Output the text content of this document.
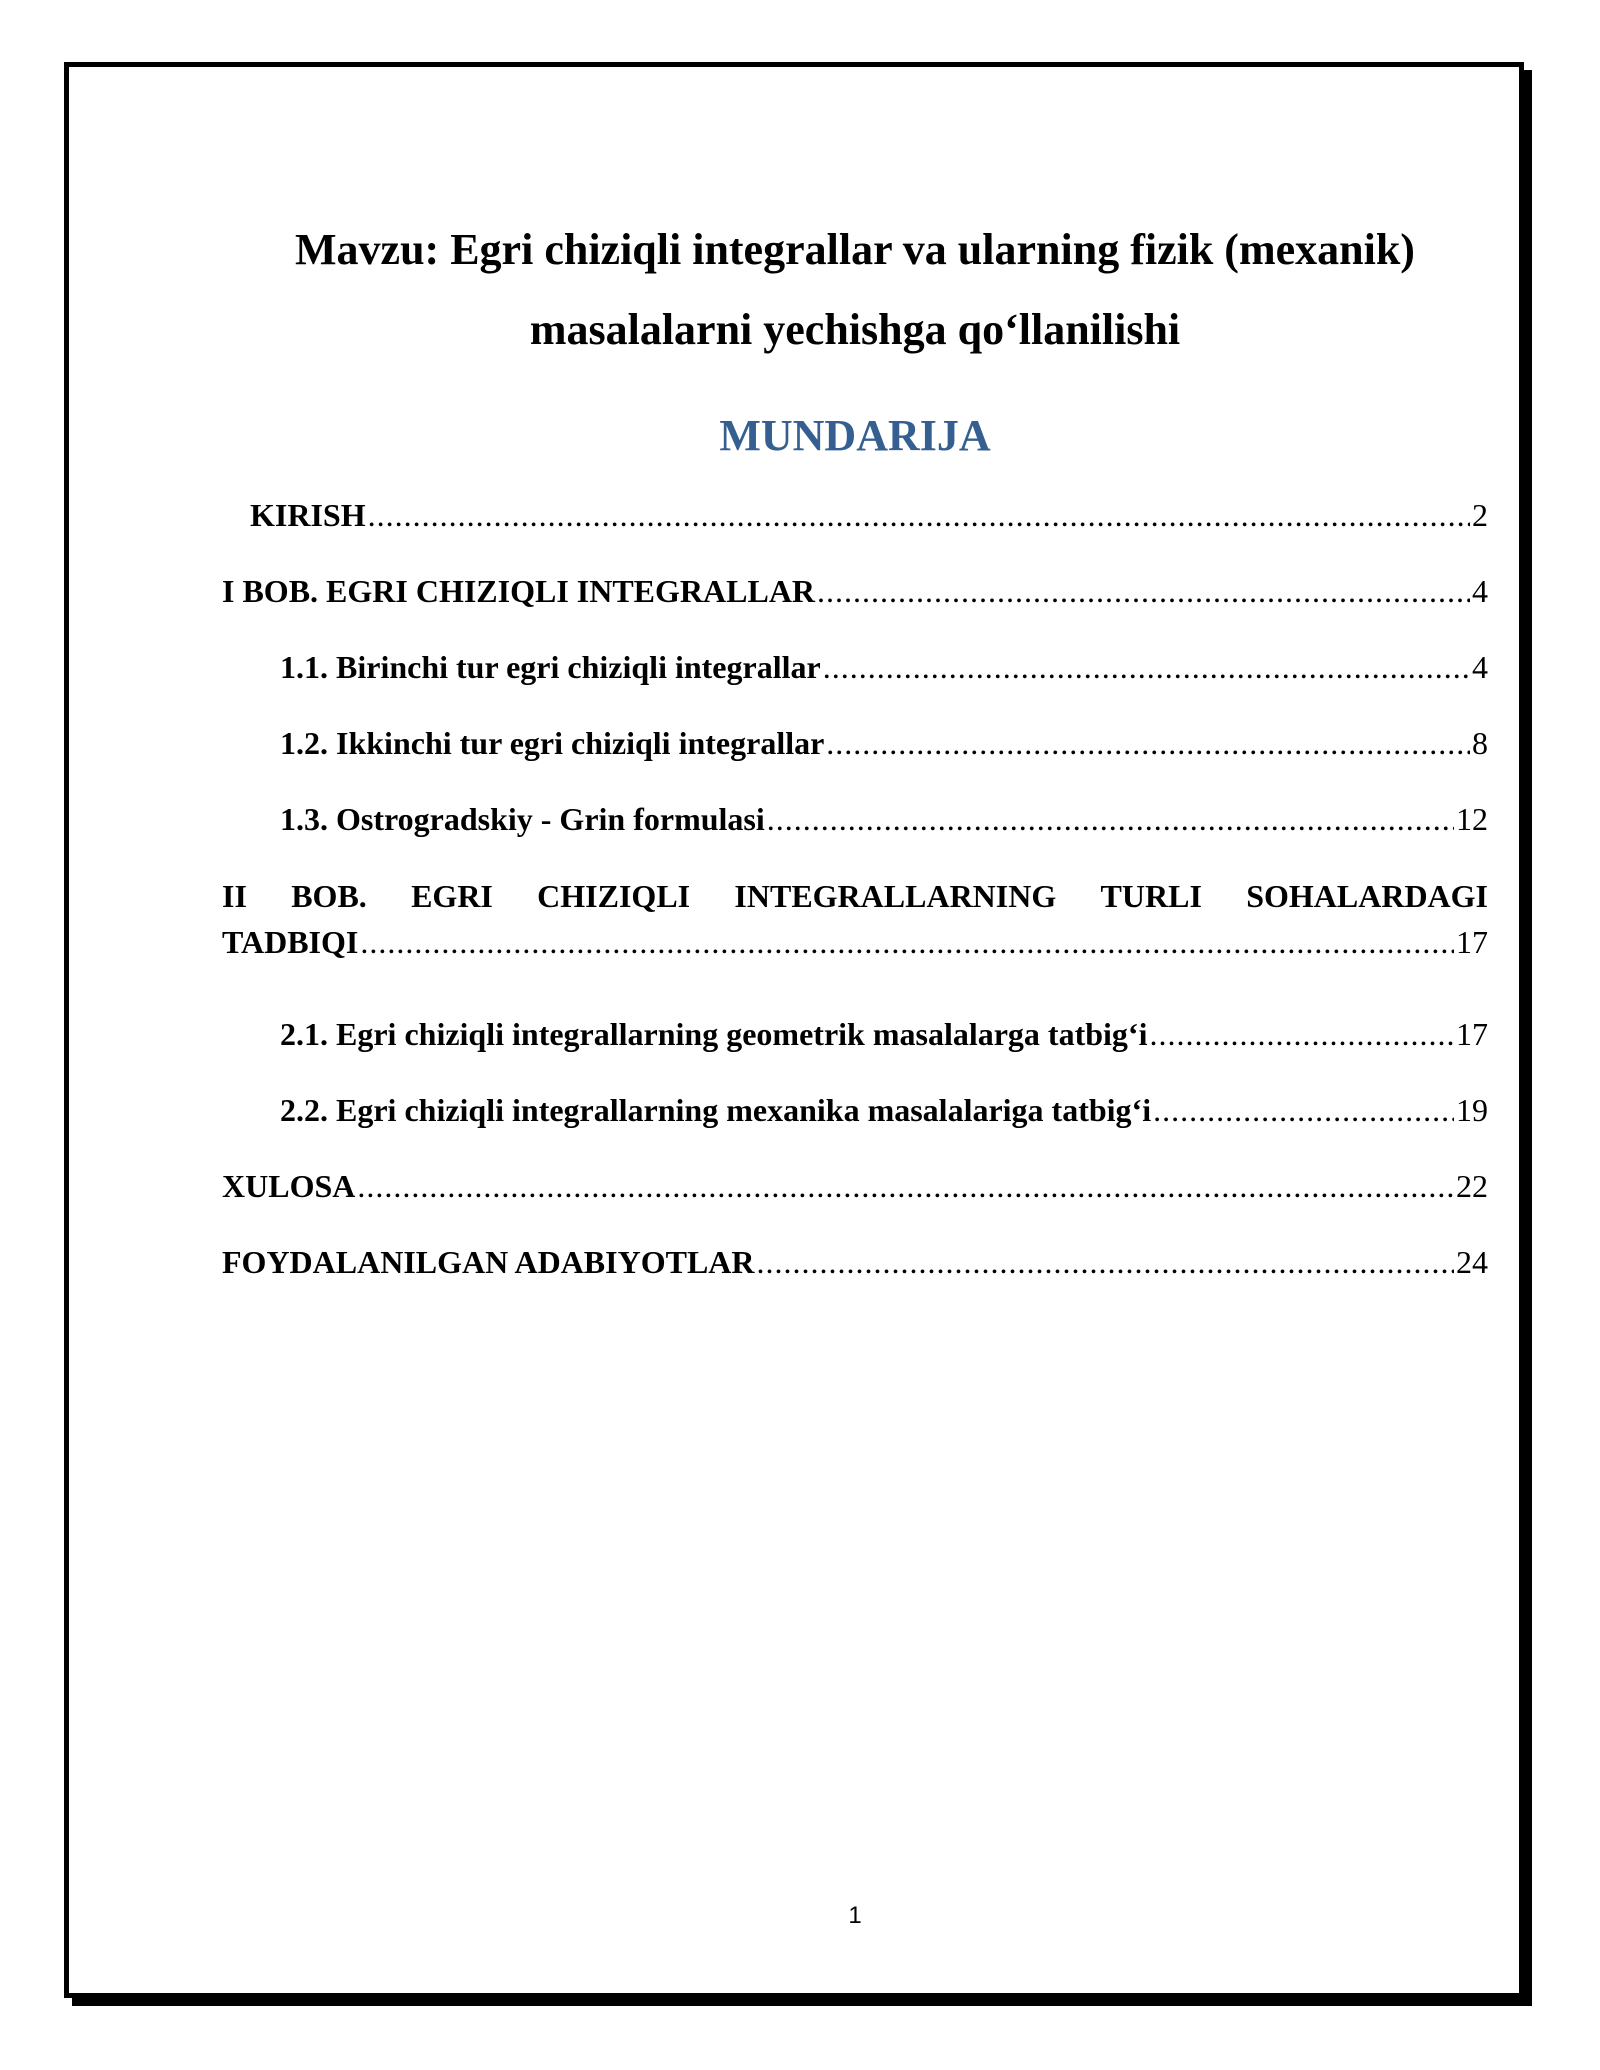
Mavzu: Egri chiziqli integrallar va ularning fizik (mexanik)
masalalarni yechishga qo‘llanilishi
MUNDARIJA
KIRISH .....	2
I BOB. EGRI CHIZIQLI INTEGRALLAR .....	4
1.1. Birinchi tur egri chiziqli integrallar .....	4
1.2. Ikkinchi tur egri chiziqli integrallar .....	8
1.3. Ostrogradskiy - Grin formulasi .....	12
II BOB. EGRI CHIZIQLI INTEGRALLARNING TURLI SOHALARDAGI
TADBIQI .....	17
2.1. Egri chiziqli integrallarning geometrik masalalarga tatbig‘i .....	17
2.2. Egri chiziqli integrallarning mexanika masalalariga tatbig‘i .....	19
XULOSA .....	22
FOYDALANILGAN ADABIYOTLAR .....	24
1
